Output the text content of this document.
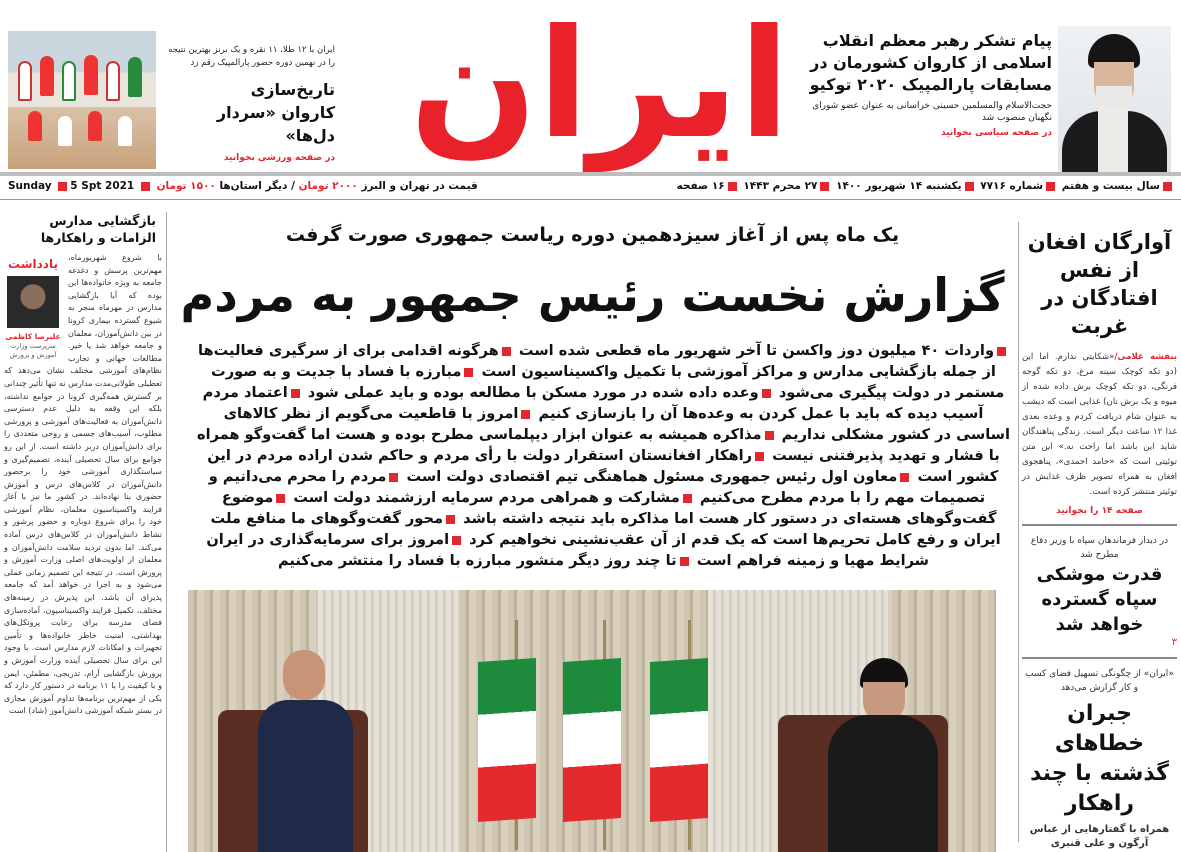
ایران با ۱۲ طلا، ۱۱ نقره و یک برنز بهترین نتیجه را در نهمین دوره حضور پارالمپیک رقم زد
تاریخ‌سازی
کاروان «سردار دل‌ها»
در صفحه ورزشی بخوانید ایران	پیام تشکر رهبر معظم انقلاب اسلامی از کاروان کشورمان در مسابقات پارالمپیک ۲۰۲۰ توکیو
حجت‌الاسلام والمسلمین حسینی خراسانی به عنوان عضو شورای نگهبان منصوب شد
در صفحه سیاسی بخوانید
سال بیست و هفتم شماره ۷۷۱۶ یکشنبه ۱۴ شهریور ۱۴۰۰ ۲۷ محرم ۱۴۴۳ ۱۶ صفحه
Sunday 5 Spt 2021	قیمت در تهران و البرز ۲۰۰۰ تومان / دیگر استان‌ها ۱۵۰۰ تومان
بازگشایی مدارس الزامات و راهکارها
یادداشت
علیرضا کاظمی
سرپرست وزارت آموزش و پرورش
با شروع شهریورماه، مهم‌ترین پرسش و دغدغه جامعه به ویژه خانواده‌ها این بوده که آیا بازگشایی مدارس در مهرماه منجر به شیوع گسترده بیماری کرونا در بین دانش‌آموزان، معلمان و جامعه خواهد شد یا خیر. مطالعات جهانی و تجارب نظام‌های آموزشی مختلف نشان می‌دهد که تعطیلی طولانی‌مدت مدارس نه تنها تأثیر چندانی بر گسترش همه‌گیری کرونا در جوامع نداشته، بلکه این وقفه به دلیل عدم دسترسی دانش‌آموزان به فعالیت‌های آموزشی و پرورشی مطلوب، آسیب‌های جسمی و روحی متعددی را برای دانش‌آموزان دربر داشته است. از این رو جوامع برای سال تحصیلی آینده، تصمیم‌گیری و سیاستگذاری آموزشی خود را برحضور دانش‌آموزان در کلاس‌های درس و آموزش حضوری بنا نهاده‌اند. در کشور ما نیز با آغاز فرایند واکسیناسیون معلمان، نظام آموزشی خود را برای شروع دوباره و حضور پرشور و نشاط دانش‌آموزان در کلاس‌های درس آماده می‌کند. اما بدون تردید سلامت دانش‌آموزان و معلمان از اولویت‌های اصلی وزارت آموزش و پرورش است. در نتیجه این تصمیم زمانی عملی می‌شود و به اجرا در خواهد آمد که جامعه پذیرای آن باشد. این پذیرش در زمینه‌های مختلف، تکمیل فرایند واکسیناسیون، آماده‌سازی فضای مدرسه برای رعایت پروتکل‌های بهداشتی، امنیت خاطر خانواده‌ها و تأمین تجهیزات و امکانات لازم مدارس است. با وجود این برای سال تحصیلی آینده وزارت آموزش و پرورش بازگشایی آرام، تدریجی، مطمئن، ایمن و با کیفیت را با ۱۱ برنامه در دستور کار دارد که یکی از مهم‌ترین برنامه‌ها تداوم آموزش مجازی در بستر شبکه آموزشی دانش‌آموز (شاد) است
یک ماه پس از آغاز سیزدهمین دوره ریاست جمهوری صورت گرفت
گزارش نخست رئیس جمهور به مردم
واردات ۴۰ میلیون دوز واکسن تا آخر شهریور ماه قطعی شده است هرگونه اقدامی برای از سرگیری فعالیت‌ها از جمله بازگشایی مدارس و مراکز آموزشی با تکمیل واکسیناسیون است مبارزه با فساد با جدیت و به صورت مستمر در دولت پیگیری می‌شود وعده داده شده در مورد مسکن با مطالعه بوده و باید عملی شود اعتماد مردم آسیب دیده که باید با عمل کردن به وعده‌ها آن را بازسازی کنیم امروز با قاطعیت می‌گویم از نظر کالاهای اساسی در کشور مشکلی نداریم مذاکره همیشه به عنوان ابزار دیپلماسی مطرح بوده و هست اما گفت‌وگو همراه با فشار و تهدید پذیرفتنی نیست راهکار افغانستان استقرار دولت با رأی مردم و حاکم شدن اراده مردم در این کشور است معاون اول رئیس جمهوری مسئول هماهنگی تیم اقتصادی دولت است مردم را محرم می‌دانیم و تصمیمات مهم را با مردم مطرح می‌کنیم مشارکت و همراهی مردم سرمایه ارزشمند دولت است موضوع گفت‌وگوهای هسته‌ای در دستور کار هست اما مذاکره باید نتیجه داشته باشد محور گفت‌وگوهای ما منافع ملت ایران و رفع کامل تحریم‌ها است که یک قدم از آن عقب‌نشینی نخواهیم کرد امروز برای سرمایه‌گذاری در ایران شرایط مهیا و زمینه فراهم است تا چند روز دیگر منشور مبارزه با فساد را منتشر می‌کنیم
آوارگان افغان از نفس افتادگان در غربت
بنفشه غلامی/«شکایتی ندارم. اما این (دو تکه کوچک سینه مرغ، دو تکه گوجه فرنگی، دو تکه کوچک برش داده شده از میوه و یک برش نان) غذایی است که دیشب به عنوان شام دریافت کردم و وعده بعدی غذا ۱۲ ساعت دیگر است. زندگی پناهندگان شاید این باشد اما راحت نه.» این متن توئیتی است که «حامد احمدی»، پناهجوی افغان به همراه تصویر ظرف غذایش در توئیتر منتشر کرده است.
صفحه ۱۴ را بخوانید
در دیدار فرماندهان سپاه با وزیر دفاع مطرح شد
قدرت موشکی سپاه گسترده خواهد شد
۳
«ایران» از چگونگی تسهیل فضای کسب و کار گزارش می‌دهد
جبران خطاهای گذشته با چند راهکار
همراه با گفتارهایی از عباس آرگون و علی قنبری
